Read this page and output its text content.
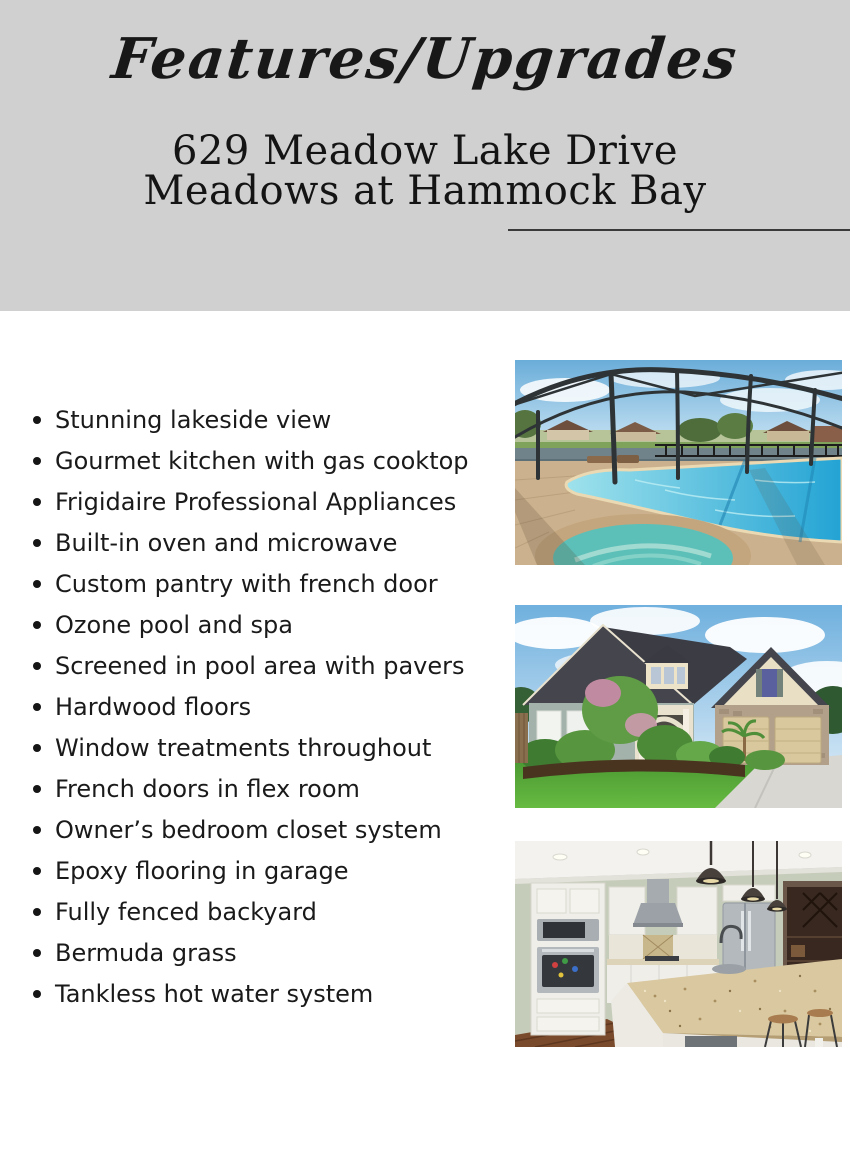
Features/Upgrades
629 Meadow Lake Drive
Meadows at Hammock Bay
Stunning lakeside view
Gourmet kitchen with gas cooktop
Frigidaire Professional Appliances
Built-in oven and microwave
Custom pantry with french door
Ozone pool and spa
Screened in pool area with pavers
Hardwood floors
Window treatments throughout
French doors in flex room
Owner’s bedroom closet system
Epoxy flooring in garage
Fully fenced backyard
Bermuda grass
Tankless hot water system
